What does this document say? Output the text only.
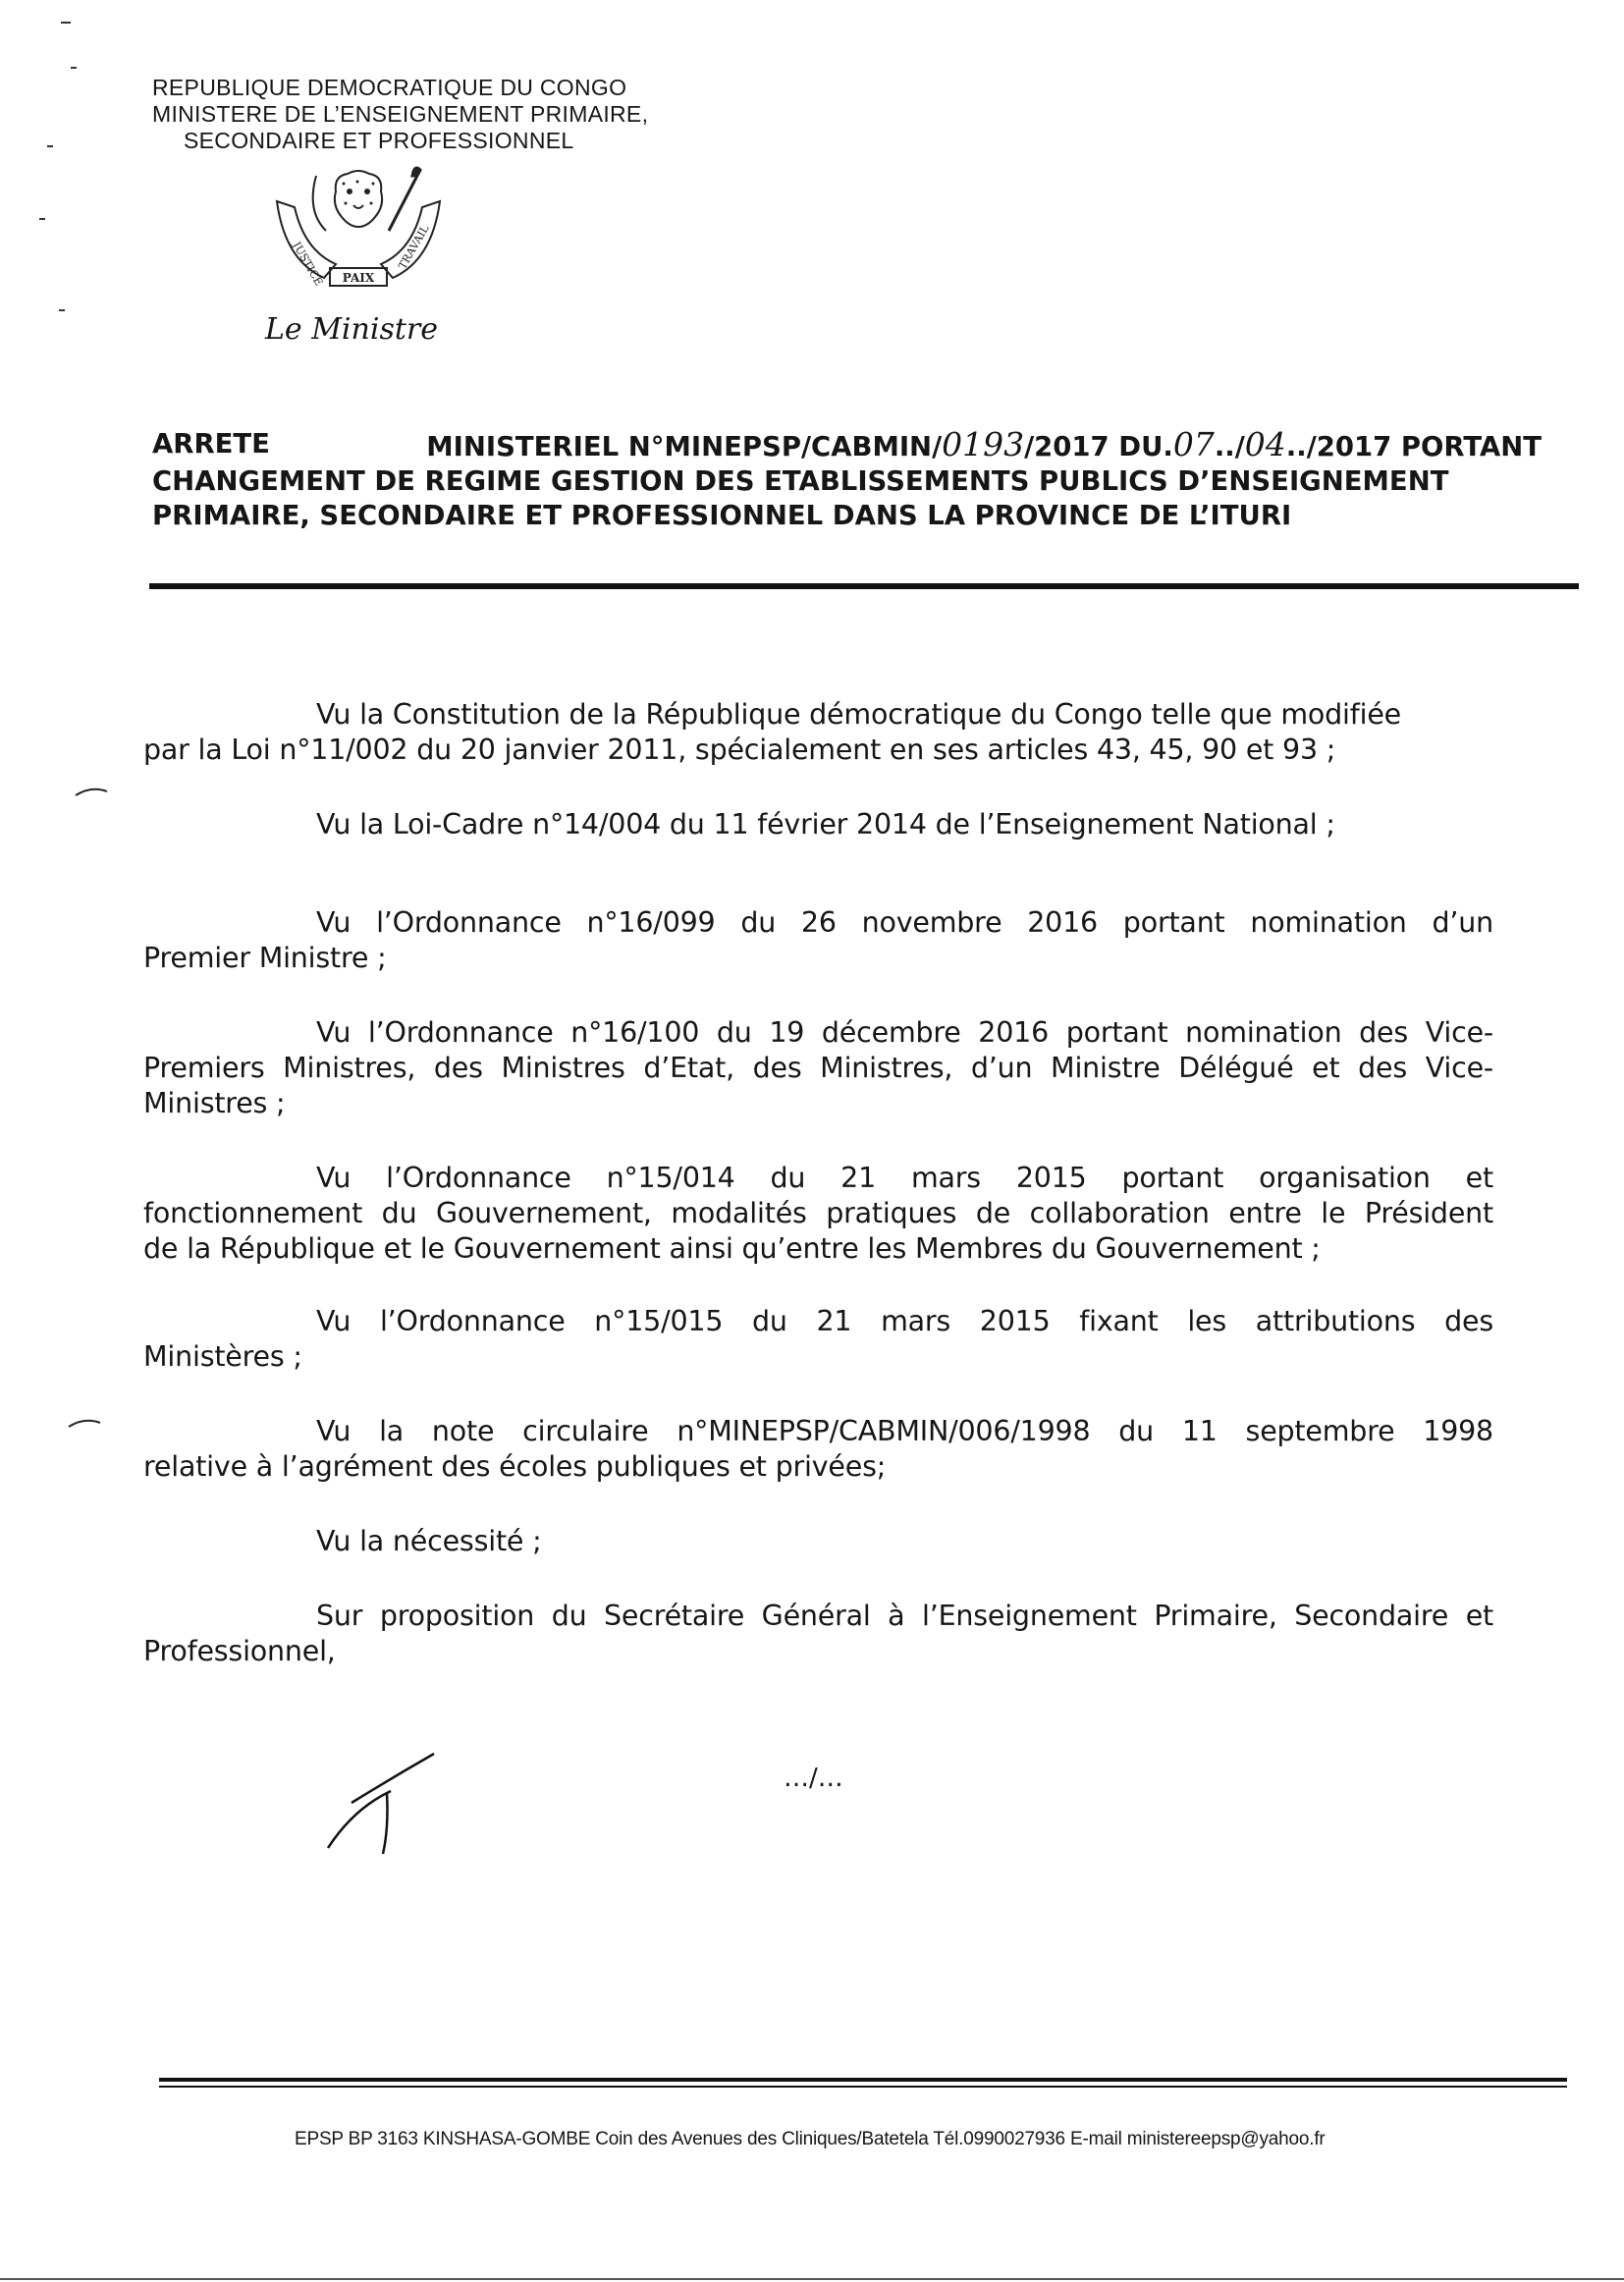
REPUBLIQUE DEMOCRATIQUE DU CONGO
MINISTERE DE L’ENSEIGNEMENT PRIMAIRE,
SECONDAIRE ET PROFESSIONNEL
JUSTICE PAIX
TRAVAIL
Le Ministre
ARRETE	MINISTERIEL N°MINEPSP/CABMIN/0193/2017 DU.07../04../2017 PORTANT
CHANGEMENT DE REGIME GESTION DES ETABLISSEMENTS PUBLICS D’ENSEIGNEMENT
PRIMAIRE, SECONDAIRE ET PROFESSIONNEL DANS LA PROVINCE DE L’ITURI

Vu la Constitution de la République démocratique du Congo telle que modifiée
par la Loi n°11/002 du 20 janvier 2011, spécialement en ses articles 43, 45, 90 et 93 ;

Vu la Loi-Cadre n°14/004 du 11 février 2014 de l’Enseignement National ;

Vu l’Ordonnance n°16/099 du 26 novembre 2016 portant nomination d’un
Premier Ministre ;

Vu l’Ordonnance n°16/100 du 19 décembre 2016 portant nomination des Vice-
Premiers Ministres, des Ministres d’Etat, des Ministres, d’un Ministre Délégué et des Vice-
Ministres ;

Vu l’Ordonnance n°15/014 du 21 mars 2015 portant organisation et
fonctionnement du Gouvernement, modalités pratiques de collaboration entre le Président
de la République et le Gouvernement ainsi qu’entre les Membres du Gouvernement ;

Vu l’Ordonnance n°15/015 du 21 mars 2015 fixant les attributions des
Ministères ;

Vu la note circulaire n°MINEPSP/CABMIN/006/1998 du 11 septembre 1998
relative à l’agrément des écoles publiques et privées;

Vu la nécessité ;

Sur proposition du Secrétaire Général à l’Enseignement Primaire, Secondaire et
Professionnel,

…/…
EPSP BP 3163 KINSHASA-GOMBE Coin des Avenues des Cliniques/Batetela Tél.0990027936 E-mail ministereepsp@yahoo.fr
